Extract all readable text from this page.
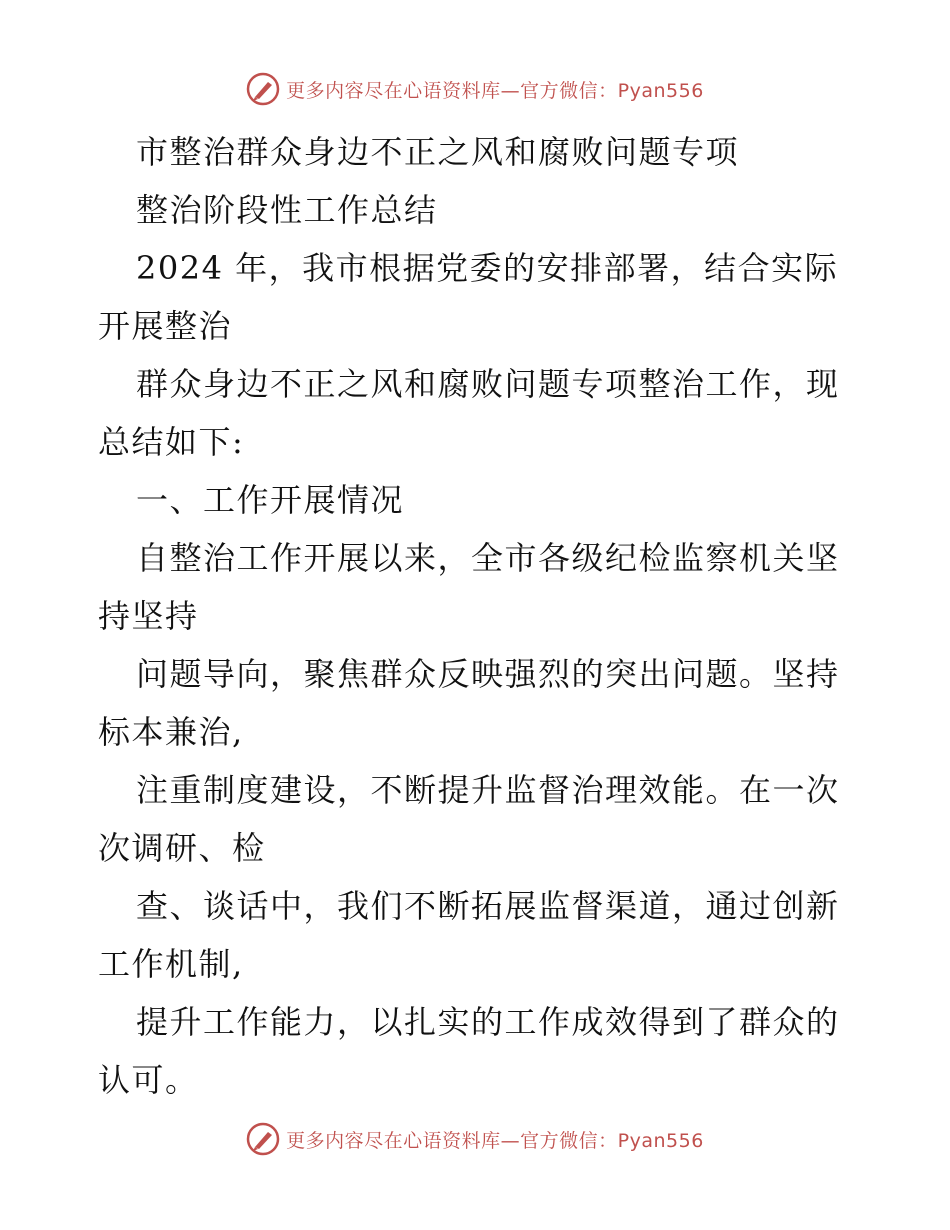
更多内容尽在心语资料库—官方微信：Pyan556

市整治群众身边不正之风和腐败问题专项

整治阶段性工作总结

2024 年，我市根据党委的安排部署，结合实际开展整治

群众身边不正之风和腐败问题专项整治工作，现总结如下:

一、工作开展情况

自整治工作开展以来，全市各级纪检监察机关坚持坚持

问题导向，聚焦群众反映强烈的突出问题。坚持标本兼治,

注重制度建设，不断提升监督治理效能。在一次次调研、检

查、谈话中，我们不断拓展监督渠道，通过创新工作机制,

提升工作能力，以扎实的工作成效得到了群众的认可。

更多内容尽在心语资料库—官方微信：Pyan556
